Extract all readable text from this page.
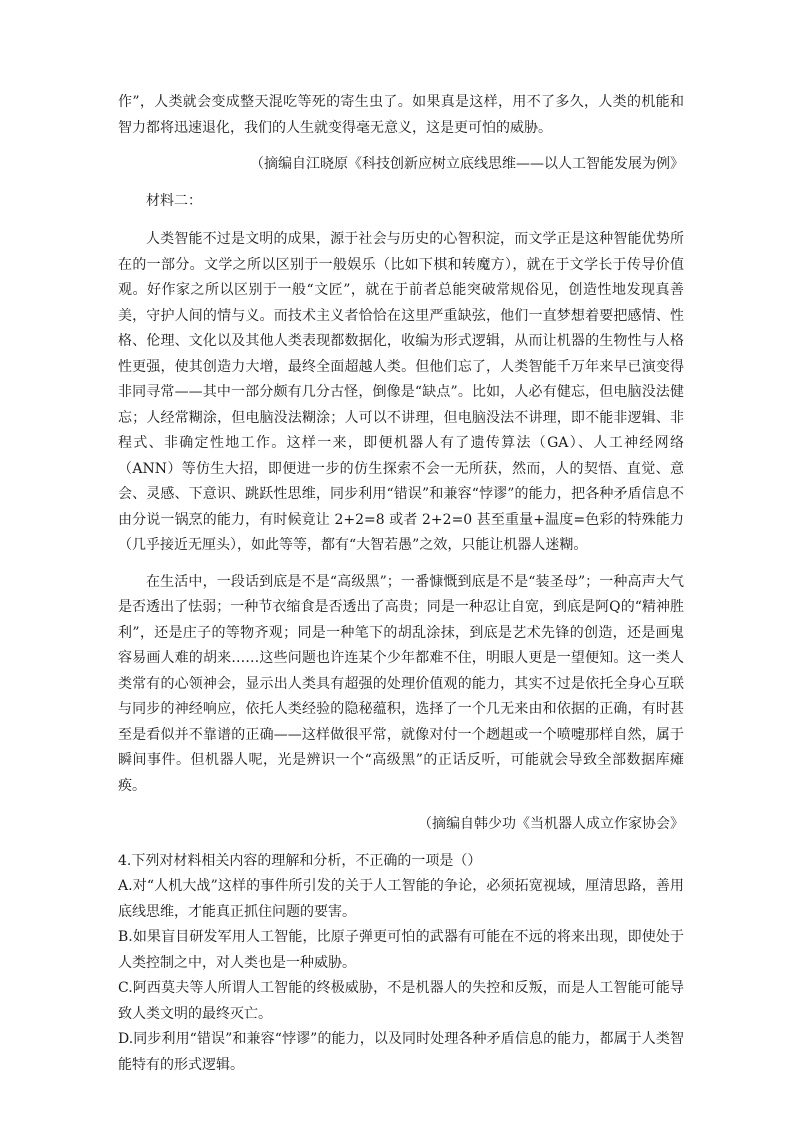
作”，人类就会变成整天混吃等死的寄生虫了。如果真是这样，用不了多久，人类的机能和智力都将迅速退化，我们的人生就变得毫无意义，这是更可怕的威胁。

（摘编自江晓原《科技创新应树立底线思维——以人工智能发展为例》

材料二：

人类智能不过是文明的成果，源于社会与历史的心智积淀，而文学正是这种智能优势所在的一部分。文学之所以区别于一般娱乐（比如下棋和转魔方），就在于文学长于传导价值观。好作家之所以区别于一般“文匠”，就在于前者总能突破常规俗见，创造性地发现真善美，守护人间的情与义。而技术主义者恰恰在这里严重缺弦，他们一直梦想着要把感情、性格、伦理、文化以及其他人类表现都数据化，收编为形式逻辑，从而让机器的生物性与人格性更强，使其创造力大增，最终全面超越人类。但他们忘了，人类智能千万年来早已演变得非同寻常——其中一部分颇有几分古怪，倒像是“缺点”。比如，人必有健忘，但电脑没法健忘；人经常糊涂，但电脑没法糊涂；人可以不讲理，但电脑没法不讲理，即不能非逻辑、非程式、非确定性地工作。这样一来，即便机器人有了遗传算法（GA）、人工神经网络（ANN）等仿生大招，即便进一步的仿生探索不会一无所获，然而，人的契悟、直觉、意会、灵感、下意识、跳跃性思维，同步利用“错误”和兼容“悖谬”的能力，把各种矛盾信息不由分说一锅烹的能力，有时候竟让 2+2=8 或者 2+2=0 甚至重量+温度=色彩的特殊能力（几乎接近无厘头），如此等等，都有“大智若愚”之效，只能让机器人迷糊。

在生活中，一段话到底是不是“高级黑”；一番慷慨到底是不是“装圣母”；一种高声大气是否透出了怯弱；一种节衣缩食是否透出了高贵；同是一种忍让自宽，到底是阿Q的“精神胜利”，还是庄子的等物齐观；同是一种笔下的胡乱涂抹，到底是艺术先锋的创造，还是画鬼容易画人难的胡来……这些问题也许连某个少年都难不住，明眼人更是一望便知。这一类人类常有的心领神会，显示出人类具有超强的处理价值观的能力，其实不过是依托全身心互联与同步的神经响应，依托人类经验的隐秘蕴积，选择了一个几无来由和依据的正确，有时甚至是看似并不靠谱的正确——这样做很平常，就像对付一个趔趄或一个喷嚏那样自然，属于瞬间事件。但机器人呢，光是辨识一个“高级黑”的正话反听，可能就会导致全部数据库瘫痪。

（摘编自韩少功《当机器人成立作家协会》

4.下列对材料相关内容的理解和分析，不正确的一项是（）

A.对“人机大战”这样的事件所引发的关于人工智能的争论，必须拓宽视域，厘清思路，善用底线思维，才能真正抓住问题的要害。

B.如果盲目研发军用人工智能，比原子弹更可怕的武器有可能在不远的将来出现，即使处于人类控制之中，对人类也是一种威胁。

C.阿西莫夫等人所谓人工智能的终极威胁，不是机器人的失控和反叛，而是人工智能可能导致人类文明的最终灭亡。

D.同步利用“错误”和兼容“悖谬”的能力，以及同时处理各种矛盾信息的能力，都属于人类智能特有的形式逻辑。
